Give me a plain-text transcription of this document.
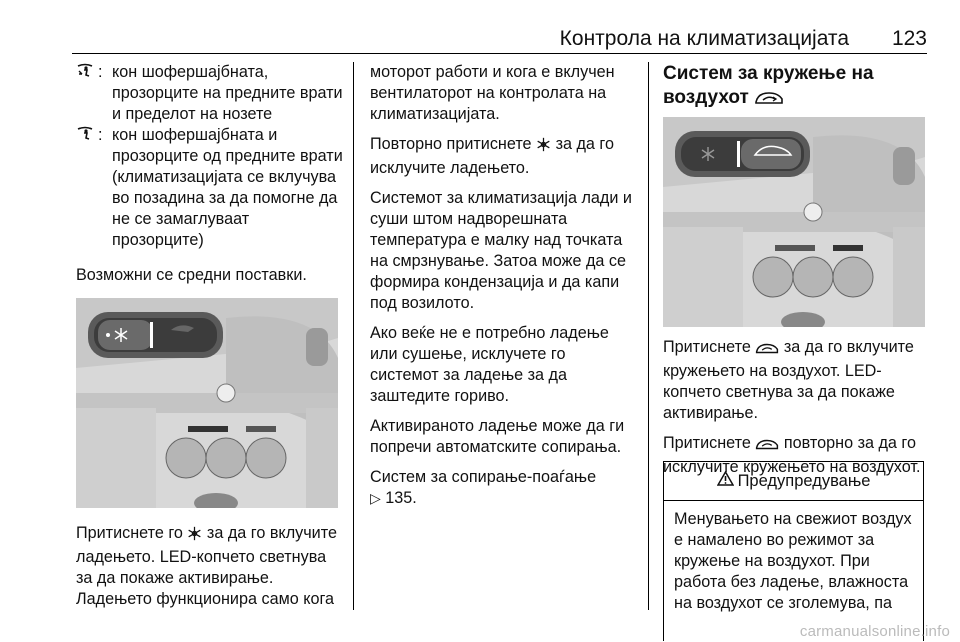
Контрола на климатизацијата 123
: кон шофершајбната, прозорците на предните врати и пределот на нозете
: кон шофершајбната и прозорците од предните врати (климатизацијата се вклучува во позадина за да помогне да не се замаглуваат прозорците)

Возможни се средни поставки.

Притиснете го за да го вклучите ладењето. LED-копчето светнува за да покаже активирање.

Ладењето функционира само кога

моторот работи и кога е вклучен вентилаторот на контролата на климатизацијата.

Повторно притиснете за да го исклучите ладењето.

Системот за климатизација лади и суши штом надворешната температура е малку над точката на смрзнување. Затоа може да се формира кондензација и да капи под возилото.

Ако веќе не е потребно ладење или сушење, исклучете го системот за ладење за да заштедите гориво.

Активираното ладење може да ги попречи автоматските сопирања.

Систем за сопирање-поаѓање

▷ 135.

Систем за кружење на воздухот

Притиснете за да го вклучите кружењето на воздухот. LED-копчето светнува за да покаже активирање.

Притиснете повторно за да го исклучите кружењето на воздухот.

Предупредување
Менувањето на свежиот воздух е намалено во режимот за кружење на воздухот. При работа без ладење, влажноста на воздухот се зголемува, па
carmanualsonline.info
